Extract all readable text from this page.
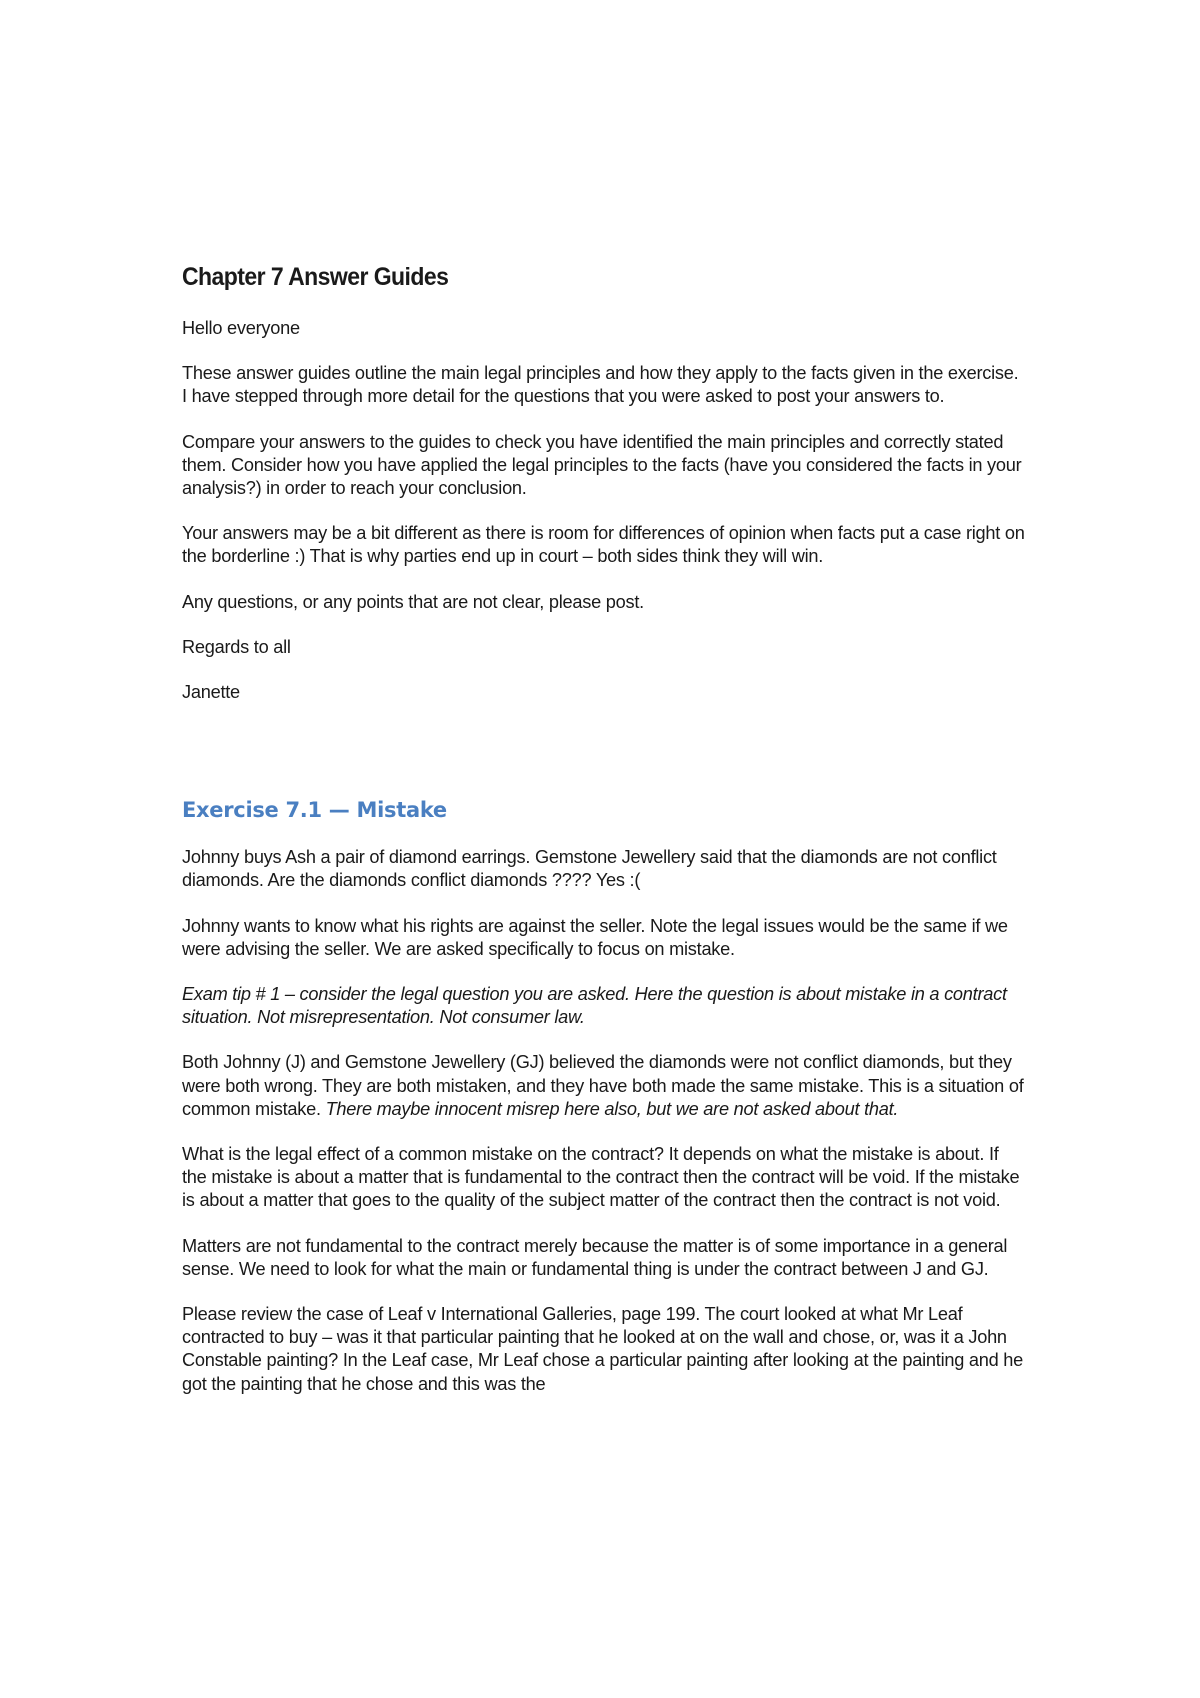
Chapter 7 Answer Guides

Hello everyone

These answer guides outline the main legal principles and how they apply to the facts given in the exercise. I have stepped through more detail for the questions that you were asked to post your answers to.

Compare your answers to the guides to check you have identified the main principles and correctly stated them. Consider how you have applied the legal principles to the facts (have you considered the facts in your analysis?) in order to reach your conclusion.

Your answers may be a bit different as there is room for differences of opinion when facts put a case right on the borderline :) That is why parties end up in court – both sides think they will win.

Any questions, or any points that are not clear, please post.

Regards to all

Janette

Exercise 7.1 — Mistake

Johnny buys Ash a pair of diamond earrings. Gemstone Jewellery said that the diamonds are not conflict diamonds. Are the diamonds conflict diamonds ???? Yes :(

Johnny wants to know what his rights are against the seller. Note the legal issues would be the same if we were advising the seller. We are asked specifically to focus on mistake.

Exam tip # 1 – consider the legal question you are asked. Here the question is about mistake in a contract situation. Not misrepresentation. Not consumer law.

Both Johnny (J) and Gemstone Jewellery (GJ) believed the diamonds were not conflict diamonds, but they were both wrong. They are both mistaken, and they have both made the same mistake. This is a situation of common mistake. There maybe innocent misrep here also, but we are not asked about that.

What is the legal effect of a common mistake on the contract? It depends on what the mistake is about. If the mistake is about a matter that is fundamental to the contract then the contract will be void. If the mistake is about a matter that goes to the quality of the subject matter of the contract then the contract is not void.

Matters are not fundamental to the contract merely because the matter is of some importance in a general sense. We need to look for what the main or fundamental thing is under the contract between J and GJ.

Please review the case of Leaf v International Galleries, page 199. The court looked at what Mr Leaf contracted to buy – was it that particular painting that he looked at on the wall and chose, or, was it a John Constable painting? In the Leaf case, Mr Leaf chose a particular painting after looking at the painting and he got the painting that he chose and this was the
